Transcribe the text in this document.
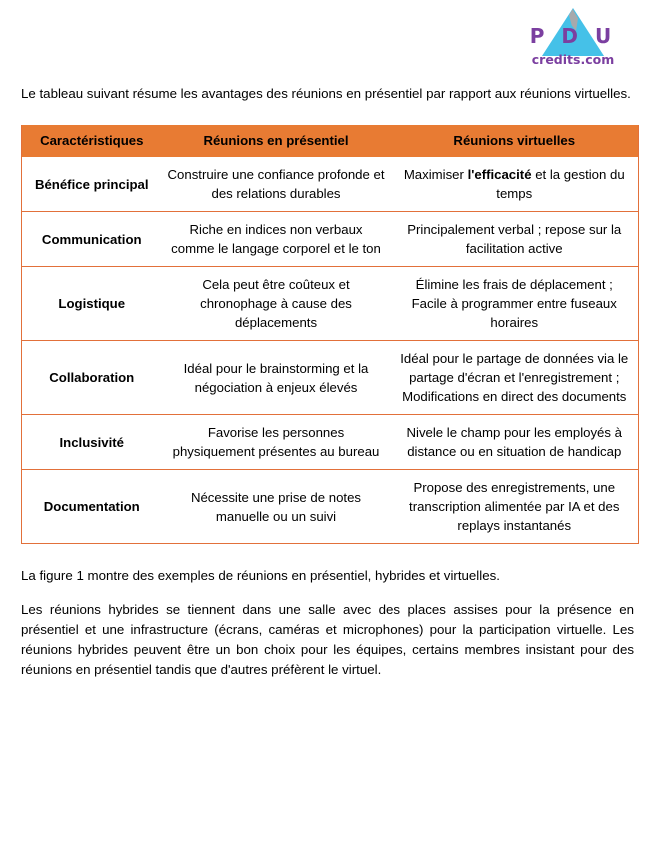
P D U
credits.com

Le tableau suivant résume les avantages des réunions en présentiel par rapport aux réunions virtuelles.

Caractéristiques	Réunions en présentiel	Réunions virtuelles
Bénéfice principal	Construire une confiance profonde et des relations durables	Maximiser l'efficacité et la gestion du temps
Communication	Riche en indices non verbaux comme le langage corporel et le ton	Principalement verbal ; repose sur la facilitation active
Logistique	Cela peut être coûteux et chronophage à cause des déplacements	Élimine les frais de déplacement ; Facile à programmer entre fuseaux horaires
Collaboration	Idéal pour le brainstorming et la négociation à enjeux élevés	Idéal pour le partage de données via le partage d'écran et l'enregistrement ; Modifications en direct des documents
Inclusivité	Favorise les personnes physiquement présentes au bureau	Nivele le champ pour les employés à distance ou en situation de handicap
Documentation	Nécessite une prise de notes manuelle ou un suivi	Propose des enregistrements, une transcription alimentée par IA et des replays instantanés

La figure 1 montre des exemples de réunions en présentiel, hybrides et virtuelles.

Les réunions hybrides se tiennent dans une salle avec des places assises pour la présence en présentiel et une infrastructure (écrans, caméras et microphones) pour la participation virtuelle. Les réunions hybrides peuvent être un bon choix pour les équipes, certains membres insistant pour des réunions en présentiel tandis que d'autres préfèrent le virtuel.
